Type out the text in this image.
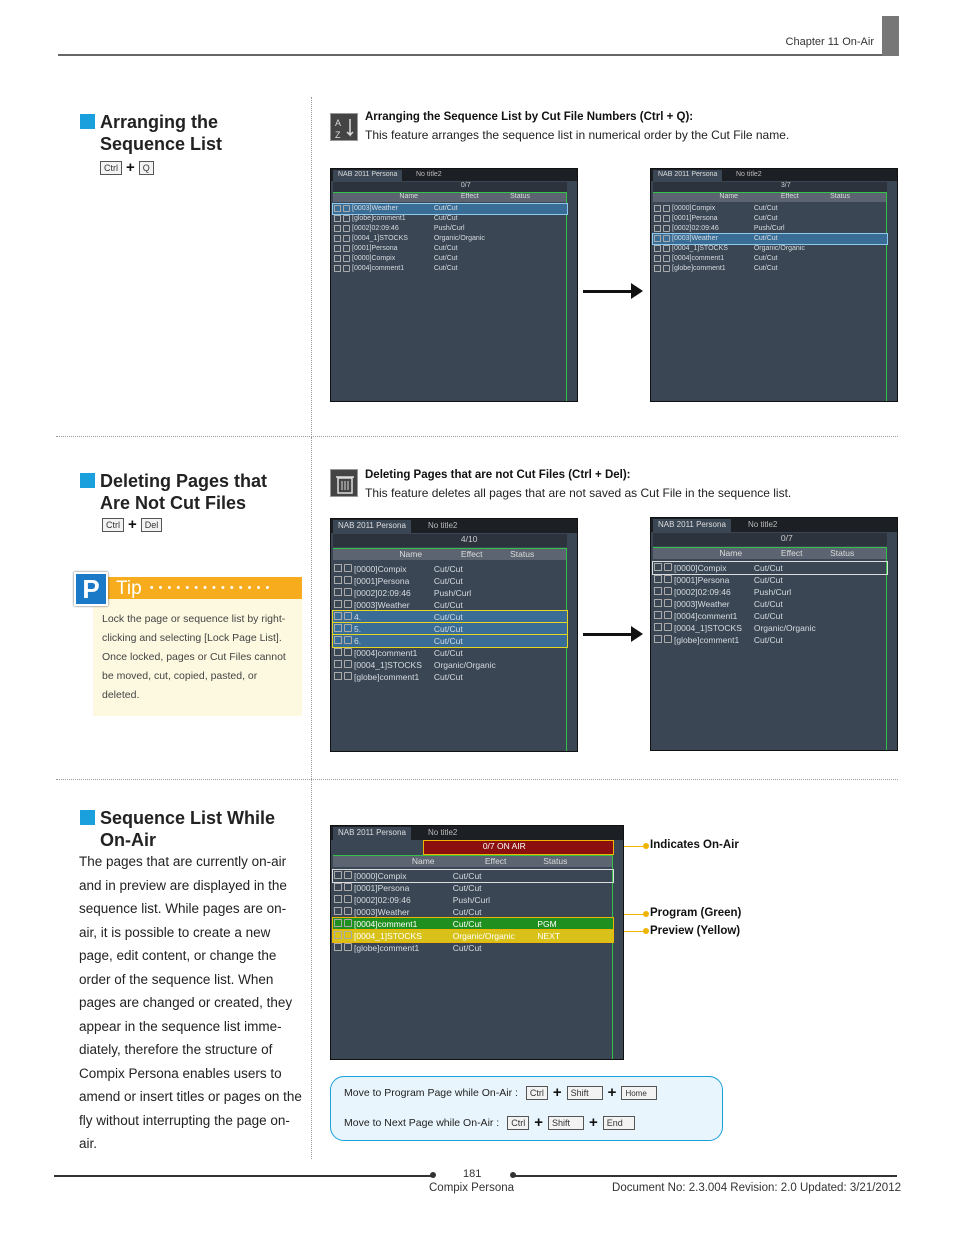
Chapter 11 On-Air
Arranging the Sequence List
Ctrl + Q
A
Z
Arranging the Sequence List by Cut File Numbers (Ctrl + Q):
This feature arranges the sequence list in numerical order by the Cut File name.
NAB 2011 Persona	No title2
0/7
Name	Effect	Status
[0003]Weather	Cut/Cut
[globe]comment1	Cut/Cut
[0002]02:09:46	Push/Curl
[0004_1]STOCKS	Organic/Organic
[0001]Persona	Cut/Cut
[0000]Compix	Cut/Cut
[0004]comment1	Cut/Cut
NAB 2011 Persona	No title2
3/7
Name	Effect	Status
[0000]Compix	Cut/Cut
[0001]Persona	Cut/Cut
[0002]02:09:46	Push/Curl
[0003]Weather	Cut/Cut
[0004_1]STOCKS	Organic/Organic
[0004]comment1	Cut/Cut
[globe]comment1	Cut/Cut
Deleting Pages that Are Not Cut Files
Ctrl + Del
Deleting Pages that are not Cut Files (Ctrl + Del):
This feature deletes all pages that are not saved as Cut File in the sequence list.
Tip • • • • • • • • • • • • • •
P
Lock the page or sequence list by right-clicking and selecting [Lock Page List]. Once locked, pages or Cut Files cannot be moved, cut, copied, pasted, or deleted.
NAB 2011 Persona	No title2
4/10
Name	Effect	Status
[0000]Compix	Cut/Cut
[0001]Persona	Cut/Cut
[0002]02:09:46	Push/Curl
[0003]Weather	Cut/Cut
4.	Cut/Cut
5.	Cut/Cut
6.	Cut/Cut
[0004]comment1 Cut/Cut
[0004_1]STOCKS Organic/Organic
[globe]comment1 Cut/Cut
NAB 2011 Persona	No title2
0/7
Name	Effect	Status
[0000]Compix	Cut/Cut
[0001]Persona	Cut/Cut
[0002]02:09:46	Push/Curl
[0003]Weather	Cut/Cut
[0004]comment1 Cut/Cut
[0004_1]STOCKS Organic/Organic
[globe]comment1 Cut/Cut
Sequence List While On-Air
The pages that are currently on-air and in preview are displayed in the sequence list. While pages are on-air, it is possible to create a new page, edit content, or change the order of the sequence list. When pages are changed or created, they appear in the sequence list imme-diately, therefore the structure of Compix Persona enables users to amend or insert titles or pages on the fly without interrupting the page on-air.
NAB 2011 Persona	No title2
0/7 ON AIR
Name	Effect	Status
[0000]Compix	Cut/Cut
[0001]Persona	Cut/Cut
[0002]02:09:46	Push/Curl
[0003]Weather	Cut/Cut
[0004]comment1	Cut/Cut	PGM
[0004_1]STOCKS	Organic/Organic	NEXT
[globe]comment1	Cut/Cut
Indicates On-Air
Program (Green)
Preview (Yellow)
Move to Program Page while On-Air :	Ctrl +	Shift	+	Home
Move to Next Page while On-Air :	Ctrl +	Shift	+	End
181
Compix Persona	Document No: 2.3.004 Revision: 2.0 Updated: 3/21/2012
